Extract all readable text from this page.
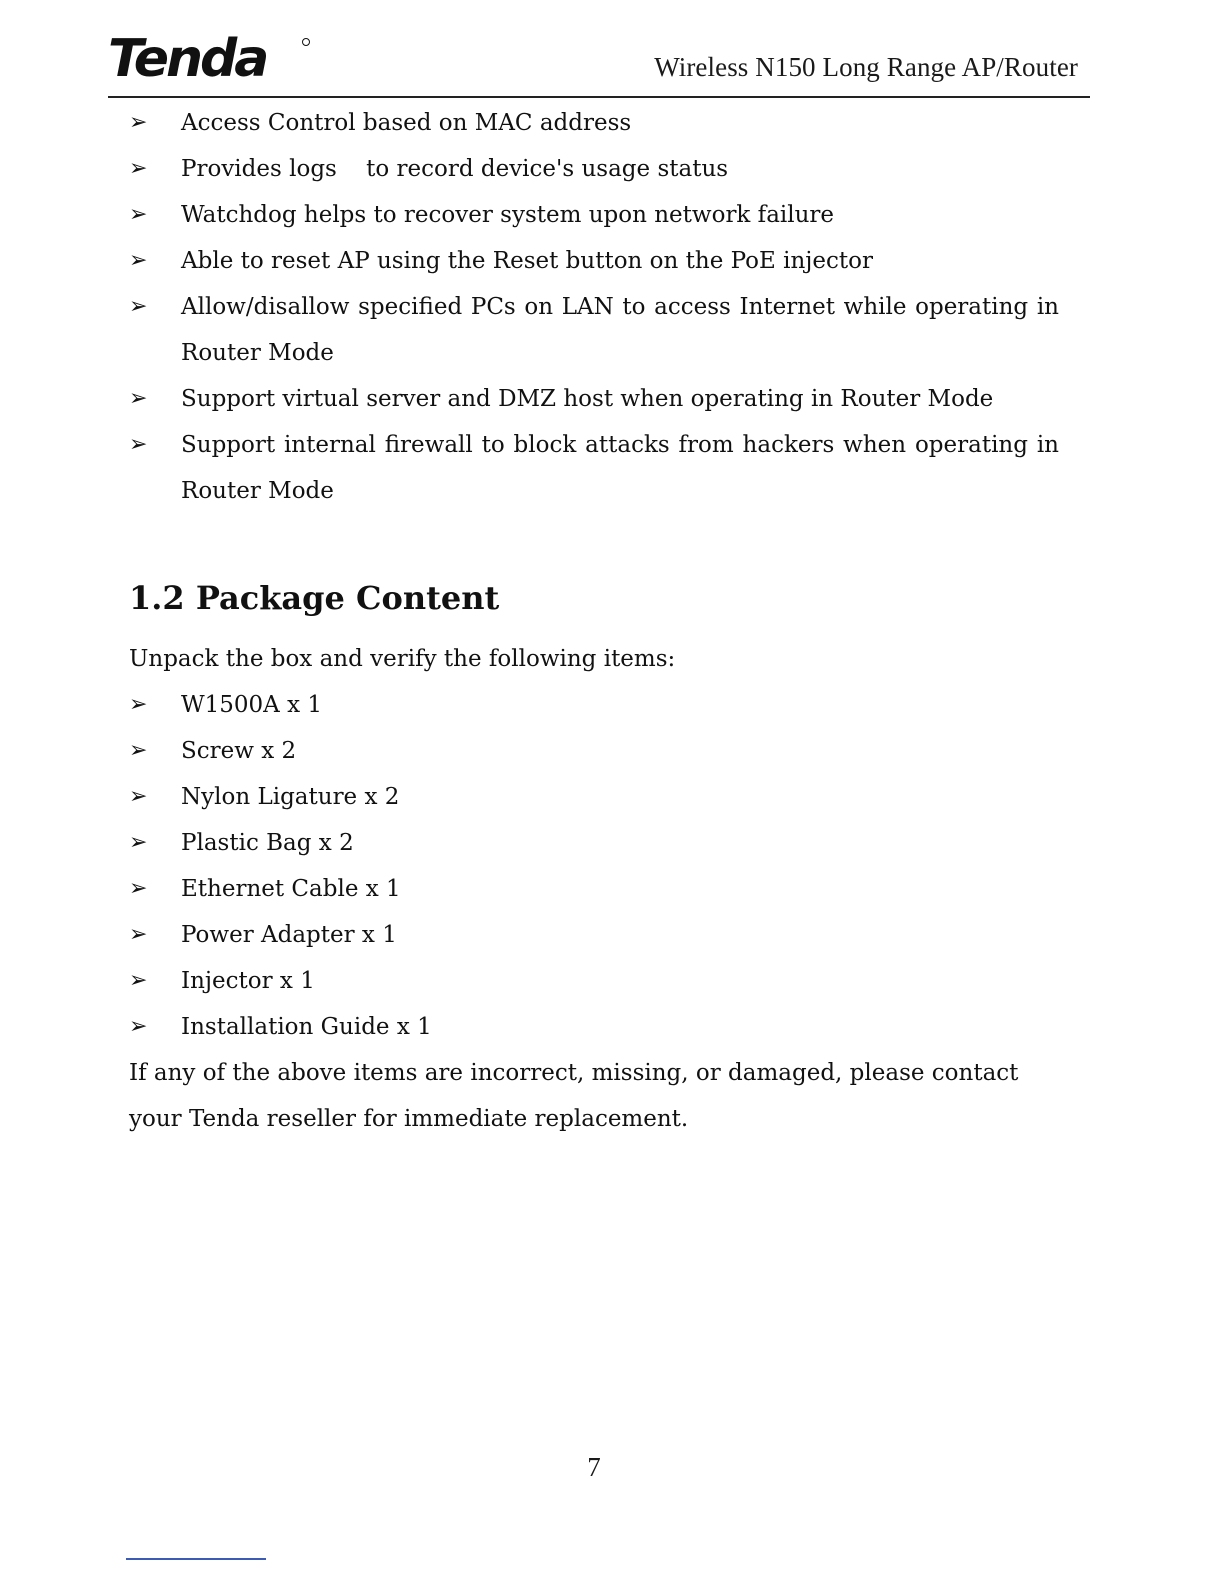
Tenda	Wireless N150 Long Range AP/Router
➢ Access Control based on MAC address
➢ Provides logs    to record device's usage status
➢ Watchdog helps to recover system upon network failure
➢ Able to reset AP using the Reset button on the PoE injector
➢ Allow/disallow specified PCs on LAN to access Internet while operating in Router Mode
➢ Support virtual server and DMZ host when operating in Router Mode
➢ Support internal firewall to block attacks from hackers when operating in Router Mode
1.2 Package Content

Unpack the box and verify the following items:

➢ W1500A x 1
➢ Screw x 2
➢ Nylon Ligature x 2
➢ Plastic Bag x 2
➢ Ethernet Cable x 1
➢ Power Adapter x 1
➢ Injector x 1
➢ Installation Guide x 1

If any of the above items are incorrect, missing, or damaged, please contact your Tenda reseller for immediate replacement.

7
